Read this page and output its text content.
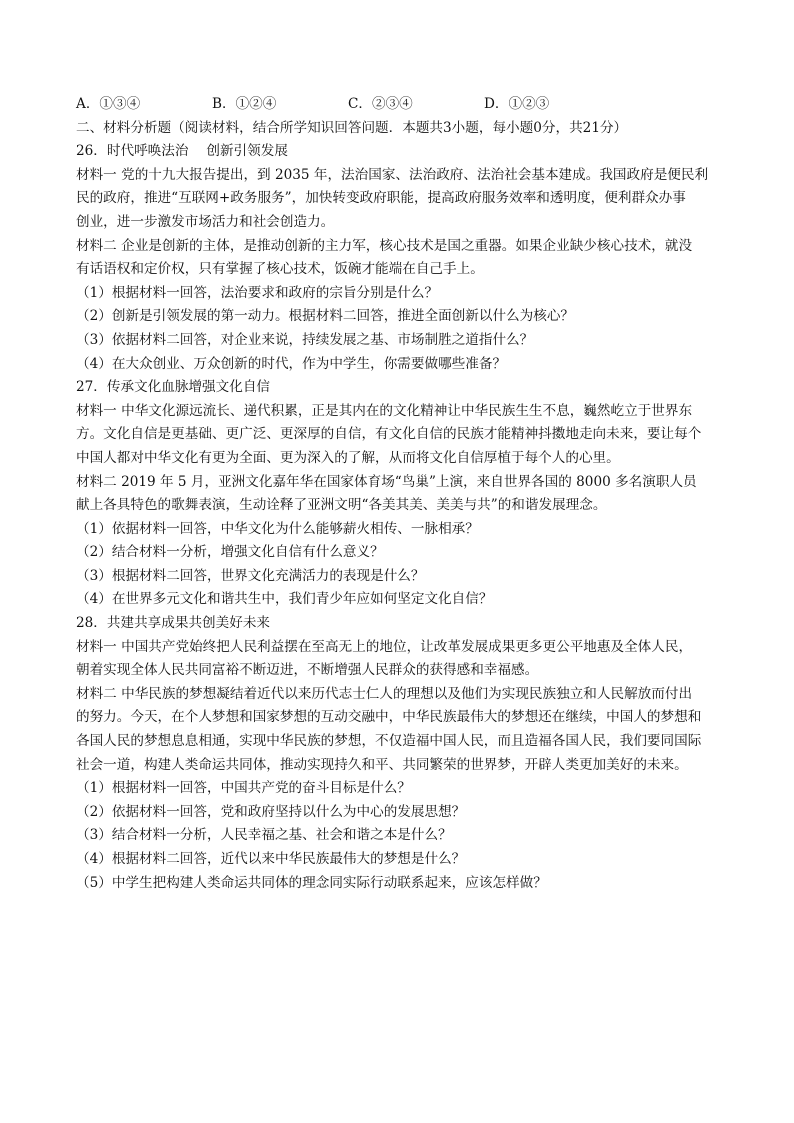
A．①③④	B．①②④	C．②③④	D．①②③
二、材料分析题（阅读材料，结合所学知识回答问题．本题共3小题，每小题0分，共21分）
26．时代呼唤法治　 创新引领发展
材料一 党的十九大报告提出，到 2035 年，法治国家、法治政府、法治社会基本建成。我国政府是便民利
民的政府，推进“互联网+政务服务”，加快转变政府职能，提高政府服务效率和透明度，便利群众办事
创业，进一步激发市场活力和社会创造力。
材料二 企业是创新的主体，是推动创新的主力军，核心技术是国之重器。如果企业缺少核心技术，就没
有话语权和定价权，只有掌握了核心技术，饭碗才能端在自己手上。
（1）根据材料一回答，法治要求和政府的宗旨分别是什么？
（2）创新是引领发展的第一动力。根据材料二回答，推进全面创新以什么为核心？
（3）依据材料二回答，对企业来说，持续发展之基、市场制胜之道指什么？
（4）在大众创业、万众创新的时代，作为中学生，你需要做哪些准备？
27．传承文化血脉增强文化自信
材料一 中华文化源远流长、递代积累，正是其内在的文化精神让中华民族生生不息，巍然屹立于世界东
方。文化自信是更基础、更广泛、更深厚的自信，有文化自信的民族才能精神抖擞地走向未来，要让每个
中国人都对中华文化有更为全面、更为深入的了解，从而将文化自信厚植于每个人的心里。
材料二 2019 年 5 月，亚洲文化嘉年华在国家体育场“鸟巢”上演，来自世界各国的 8000 多名演职人员
献上各具特色的歌舞表演，生动诠释了亚洲文明“各美其美、美美与共”的和谐发展理念。
（1）依据材料一回答，中华文化为什么能够薪火相传、一脉相承？
（2）结合材料一分析，增强文化自信有什么意义？
（3）根据材料二回答，世界文化充满活力的表现是什么？
（4）在世界多元文化和谐共生中，我们青少年应如何坚定文化自信？
28．共建共享成果共创美好未来
材料一 中国共产党始终把人民利益摆在至高无上的地位，让改革发展成果更多更公平地惠及全体人民，
朝着实现全体人民共同富裕不断迈进，不断增强人民群众的获得感和幸福感。
材料二 中华民族的梦想凝结着近代以来历代志士仁人的理想以及他们为实现民族独立和人民解放而付出
的努力。今天，在个人梦想和国家梦想的互动交融中，中华民族最伟大的梦想还在继续，中国人的梦想和
各国人民的梦想息息相通，实现中华民族的梦想，不仅造福中国人民，而且造福各国人民，我们要同国际
社会一道，构建人类命运共同体，推动实现持久和平、共同繁荣的世界梦，开辟人类更加美好的未来。
（1）根据材料一回答，中国共产党的奋斗目标是什么？
（2）依据材料一回答，党和政府坚持以什么为中心的发展思想？
（3）结合材料一分析，人民幸福之基、社会和谐之本是什么？
（4）根据材料二回答，近代以来中华民族最伟大的梦想是什么？
（5）中学生把构建人类命运共同体的理念同实际行动联系起来，应该怎样做？
